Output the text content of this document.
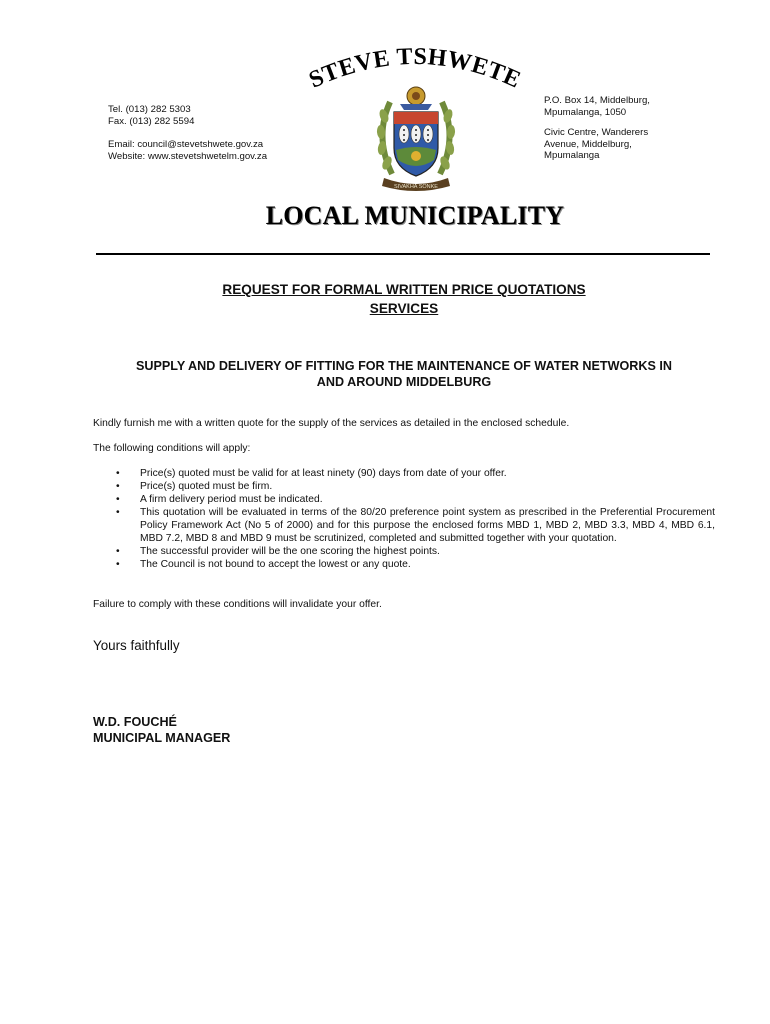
STEVE TSHWETE
Tel. (013) 282 5303
Fax. (013) 282 5594
Email: council@stevetshwete.gov.za
Website: www.stevetshwetelm.gov.za
P.O. Box 14, Middelburg,
Mpumalanga, 1050
Civic Centre, Wanderers
Avenue, Middelburg,
Mpumalanga
SIVAKHA SONKE
LOCAL MUNICIPALITY
REQUEST FOR FORMAL WRITTEN PRICE QUOTATIONS
SERVICES
SUPPLY AND DELIVERY OF FITTING FOR THE MAINTENANCE OF WATER NETWORKS IN
AND AROUND MIDDELBURG
Kindly furnish me with a written quote for the supply of the services as detailed in the enclosed schedule.
The following conditions will apply:
• Price(s) quoted must be valid for at least ninety (90) days from date of your offer.
• Price(s) quoted must be firm.
• A firm delivery period must be indicated.
• This quotation will be evaluated in terms of the 80/20 preference point system as prescribed in the Preferential Procurement Policy Framework Act (No 5 of 2000) and for this purpose the enclosed forms MBD 1, MBD 2, MBD 3.3, MBD 4, MBD 6.1, MBD 7.2, MBD 8 and MBD 9 must be scrutinized, completed and submitted together with your quotation.
• The successful provider will be the one scoring the highest points.
• The Council is not bound to accept the lowest or any quote.
Failure to comply with these conditions will invalidate your offer.
Yours faithfully
W.D. FOUCHÉ
MUNICIPAL MANAGER
